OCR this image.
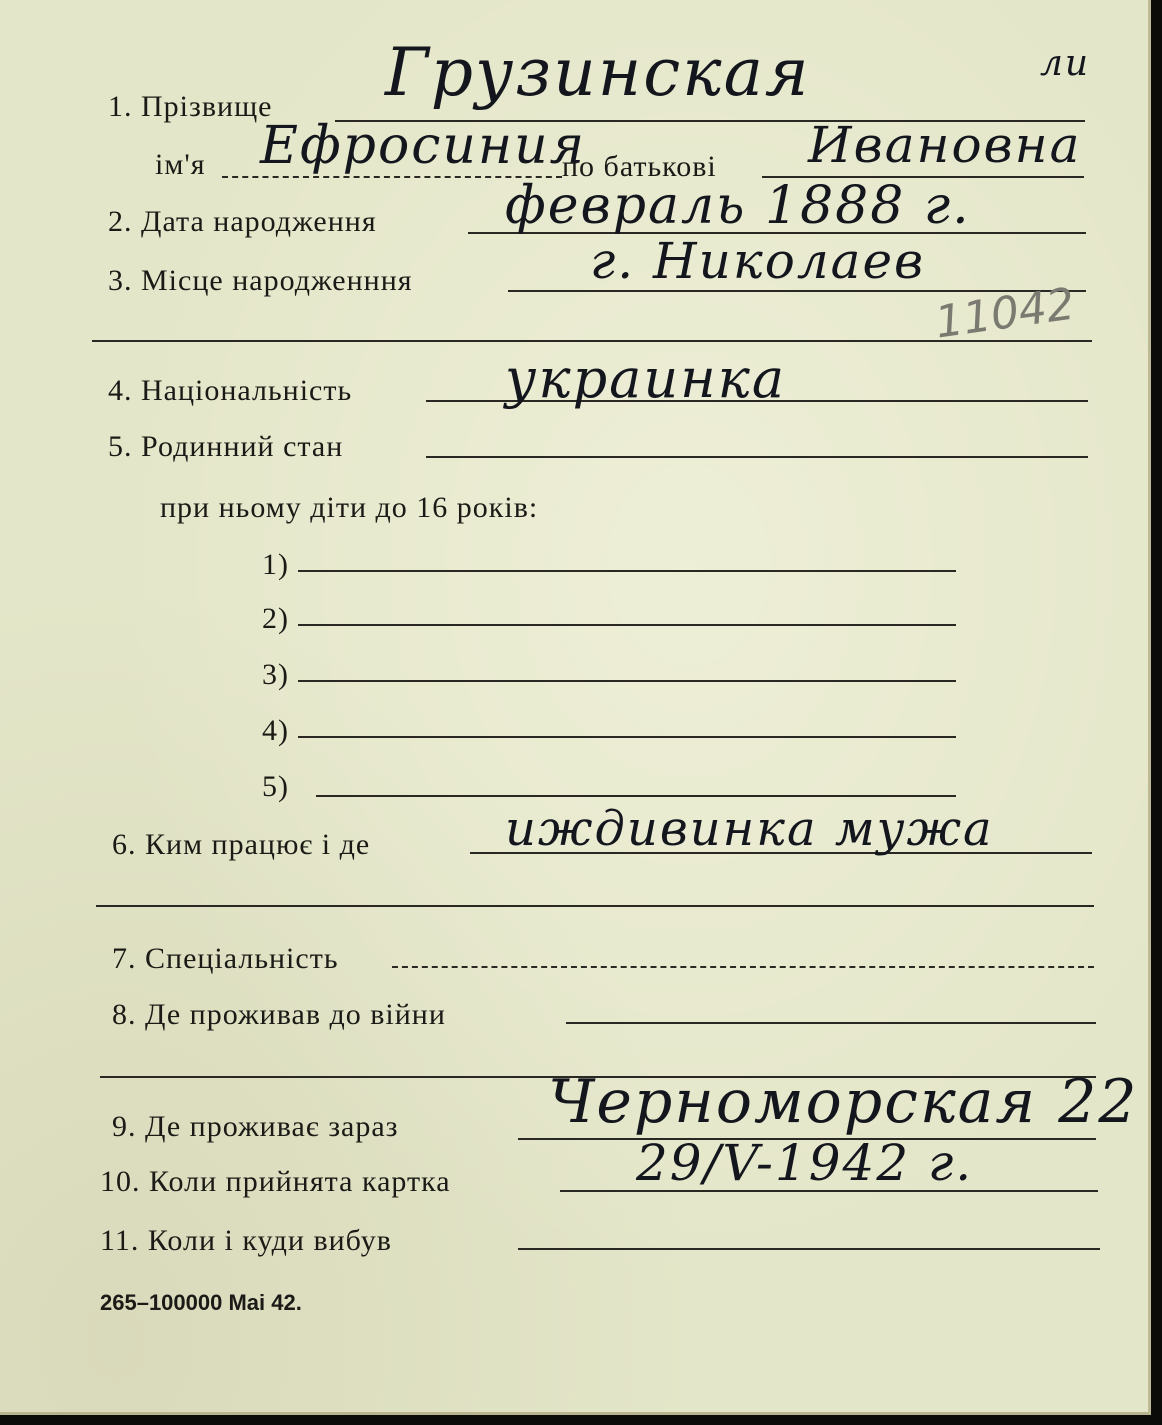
1. Прізвище Грузинская	ли
ім'я Ефросиния
по батькові Ивановна
2. Дата народження февраль 1888 г.
3. Місце народженння	г. Николаев
11042
4. Національність	украинка
5. Родинний стан
при ньому діти до 16 років:
1)
2)
3)
4)
5)
6. Ким працює і де	иждивинка мужа
7. Спеціальність
8. Де проживав до війни
9. Де проживає зараз Черноморская 22
10. Коли прийнята картка	29/V-1942 г.
11. Коли і куди вибув
265–100000 Mai 42.
